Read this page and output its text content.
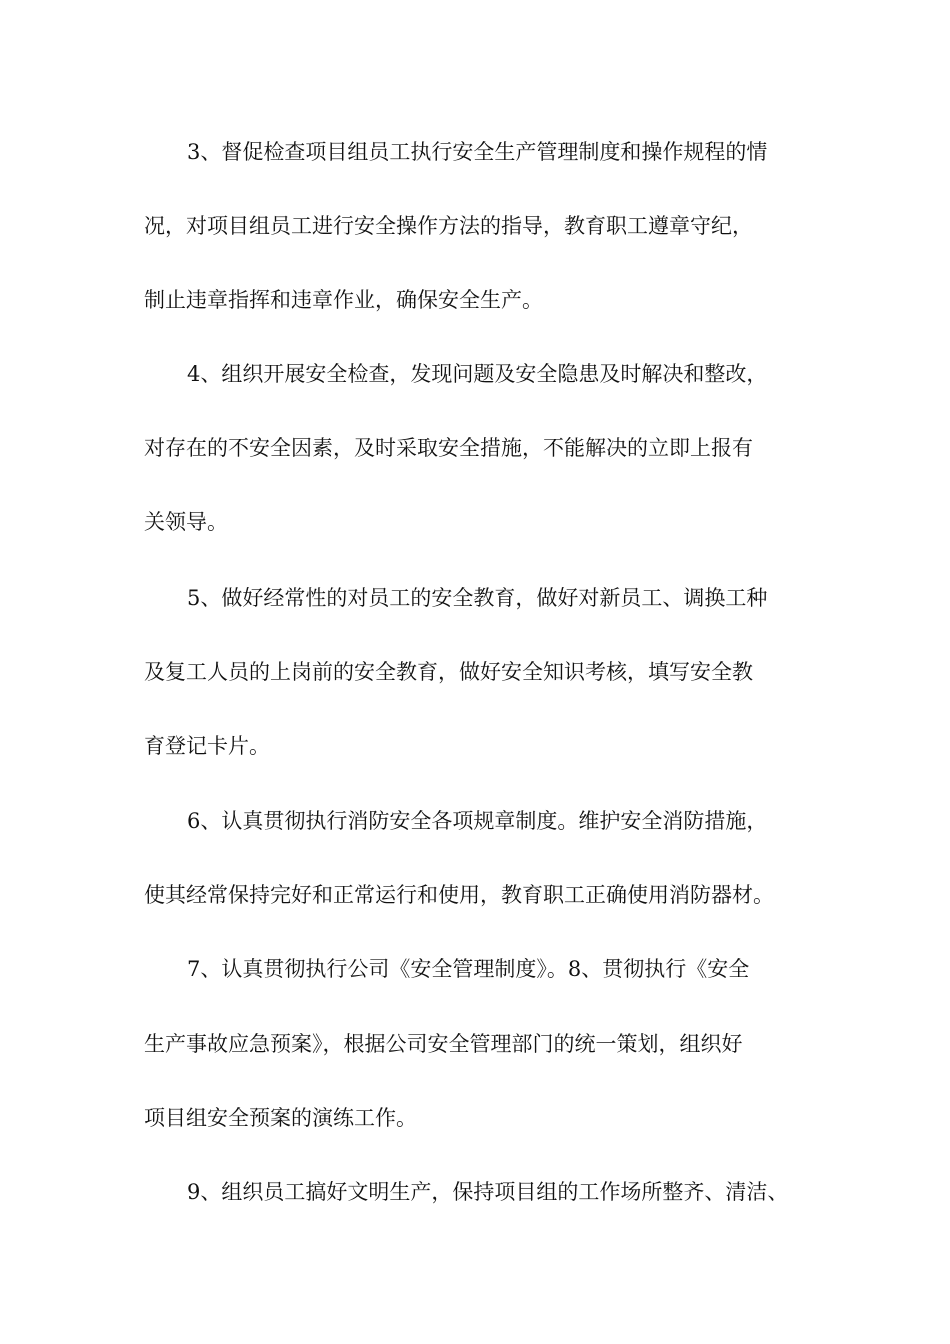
3、督促检查项目组员工执行安全生产管理制度和操作规程的情
况，对项目组员工进行安全操作方法的指导，教育职工遵章守纪，
制止违章指挥和违章作业，确保安全生产。
4、组织开展安全检查，发现问题及安全隐患及时解决和整改，
对存在的不安全因素，及时采取安全措施，不能解决的立即上报有
关领导。
5、做好经常性的对员工的安全教育，做好对新员工、调换工种
及复工人员的上岗前的安全教育，做好安全知识考核，填写安全教
育登记卡片。
6、认真贯彻执行消防安全各项规章制度。维护安全消防措施，
使其经常保持完好和正常运行和使用，教育职工正确使用消防器材。
7、认真贯彻执行公司《安全管理制度》。8、贯彻执行《安全
生产事故应急预案》，根据公司安全管理部门的统一策划，组织好
项目组安全预案的演练工作。
9、组织员工搞好文明生产，保持项目组的工作场所整齐、清洁、
